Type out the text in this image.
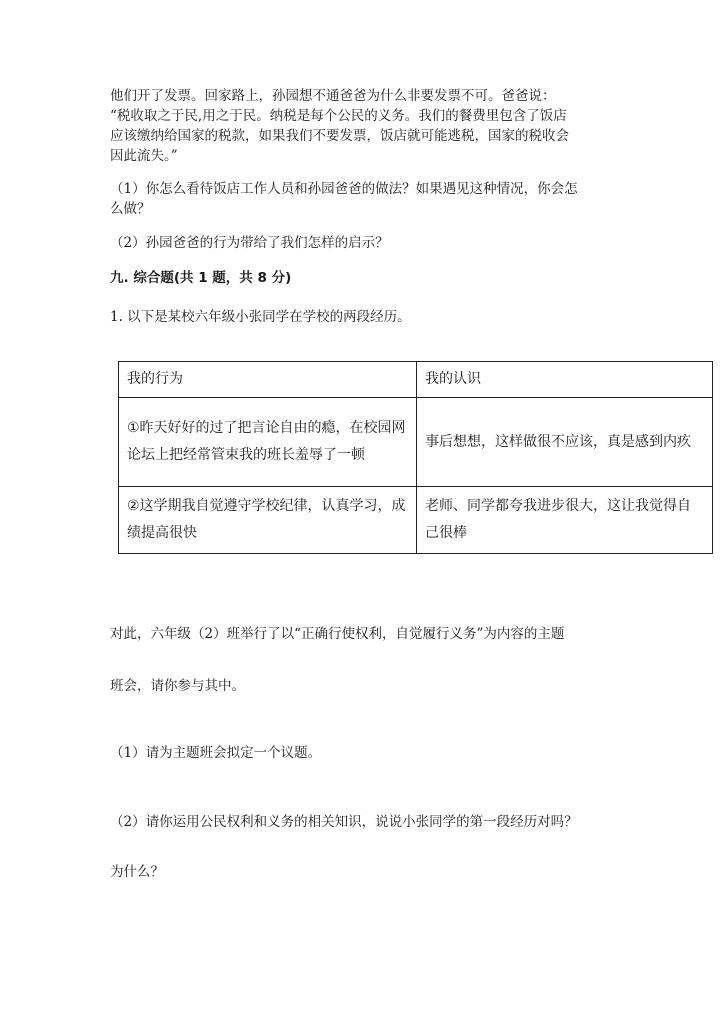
他们开了发票。回家路上，孙园想不通爸爸为什么非要发票不可。爸爸说：
“税收取之于民,用之于民。纳税是每个公民的义务。我们的餐费里包含了饭店
应该缴纳给国家的税款，如果我们不要发票，饭店就可能逃税，国家的税收会
因此流失。”
（1）你怎么看待饭店工作人员和孙园爸爸的做法？如果遇见这种情况，你会怎
么做？
（2）孙园爸爸的行为带给了我们怎样的启示？
九. 综合题(共 1 题，共 8 分)
1. 以下是某校六年级小张同学在学校的两段经历。
我的行为	我的认识
①昨天好好的过了把言论自由的瘾，在校园网论坛上把经常管束我的班长羞辱了一顿	事后想想，这样做很不应该，真是感到内疚
②这学期我自觉遵守学校纪律，认真学习，成绩提高很快	老师、同学都夸我进步很大，这让我觉得自己很棒
对此，六年级（2）班举行了以“正确行使权利，自觉履行义务”为内容的主题
班会，请你参与其中。
（1）请为主题班会拟定一个议题。
（2）请你运用公民权利和义务的相关知识，说说小张同学的第一段经历对吗？
为什么？
